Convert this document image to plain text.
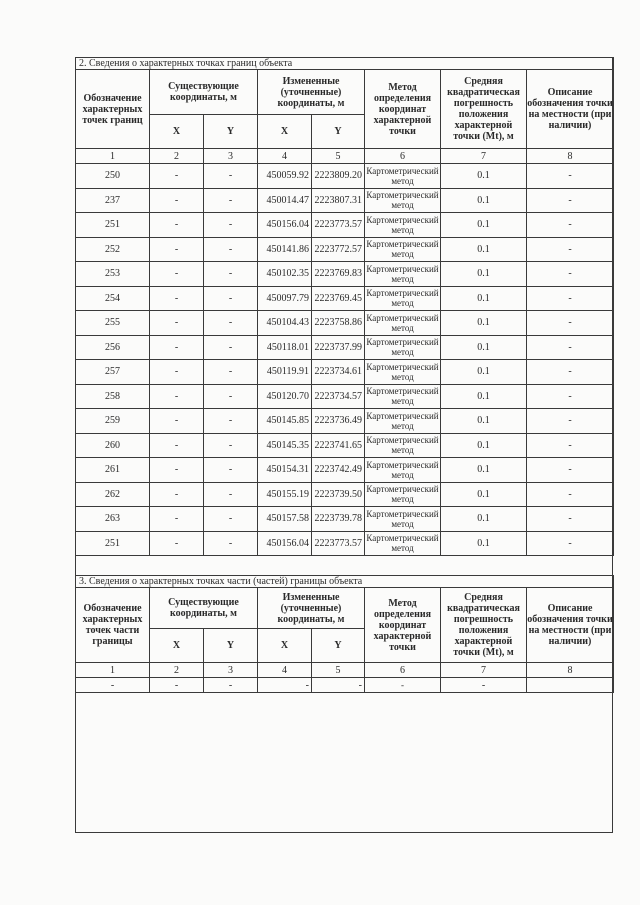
2. Сведения о характерных точках границ объекта							
Обозначение характерных точек границ	Существующие координаты, м		Измененные (уточненные) координаты, м		Метод определения координат характерной точки	Средняя квадратическая погрешность положения характерной точки (Mt), м	Описание обозначения точки на местности (при наличии)
	X	Y	X	Y			
1	2	3	4	5	6	7	8
250	-	-	450059.92	2223809.20	Картометрический метод	0.1	-
237	-	-	450014.47	2223807.31	Картометрический метод	0.1	-
251	-	-	450156.04	2223773.57	Картометрический метод	0.1	-
252	-	-	450141.86	2223772.57	Картометрический метод	0.1	-
253	-	-	450102.35	2223769.83	Картометрический метод	0.1	-
254	-	-	450097.79	2223769.45	Картометрический метод	0.1	-
255	-	-	450104.43	2223758.86	Картометрический метод	0.1	-
256	-	-	450118.01	2223737.99	Картометрический метод	0.1	-
257	-	-	450119.91	2223734.61	Картометрический метод	0.1	-
258	-	-	450120.70	2223734.57	Картометрический метод	0.1	-
259	-	-	450145.85	2223736.49	Картометрический метод	0.1	-
260	-	-	450145.35	2223741.65	Картометрический метод	0.1	-
261	-	-	450154.31	2223742.49	Картометрический метод	0.1	-
262	-	-	450155.19	2223739.50	Картометрический метод	0.1	-
263	-	-	450157.58	2223739.78	Картометрический метод	0.1	-
251	-	-	450156.04	2223773.57	Картометрический метод	0.1	-
3. Сведения о характерных точках части (частей) границы объекта							
Обозначение характерных точек части границы	Существующие координаты, м		Измененные (уточненные) координаты, м		Метод определения координат характерной точки	Средняя квадратическая погрешность положения характерной точки (Mt), м	Описание обозначения точки на местности (при наличии)
	X	Y	X	Y			
1	2	3	4	5	6	7	8
-	-	-	-	-	-	-	
